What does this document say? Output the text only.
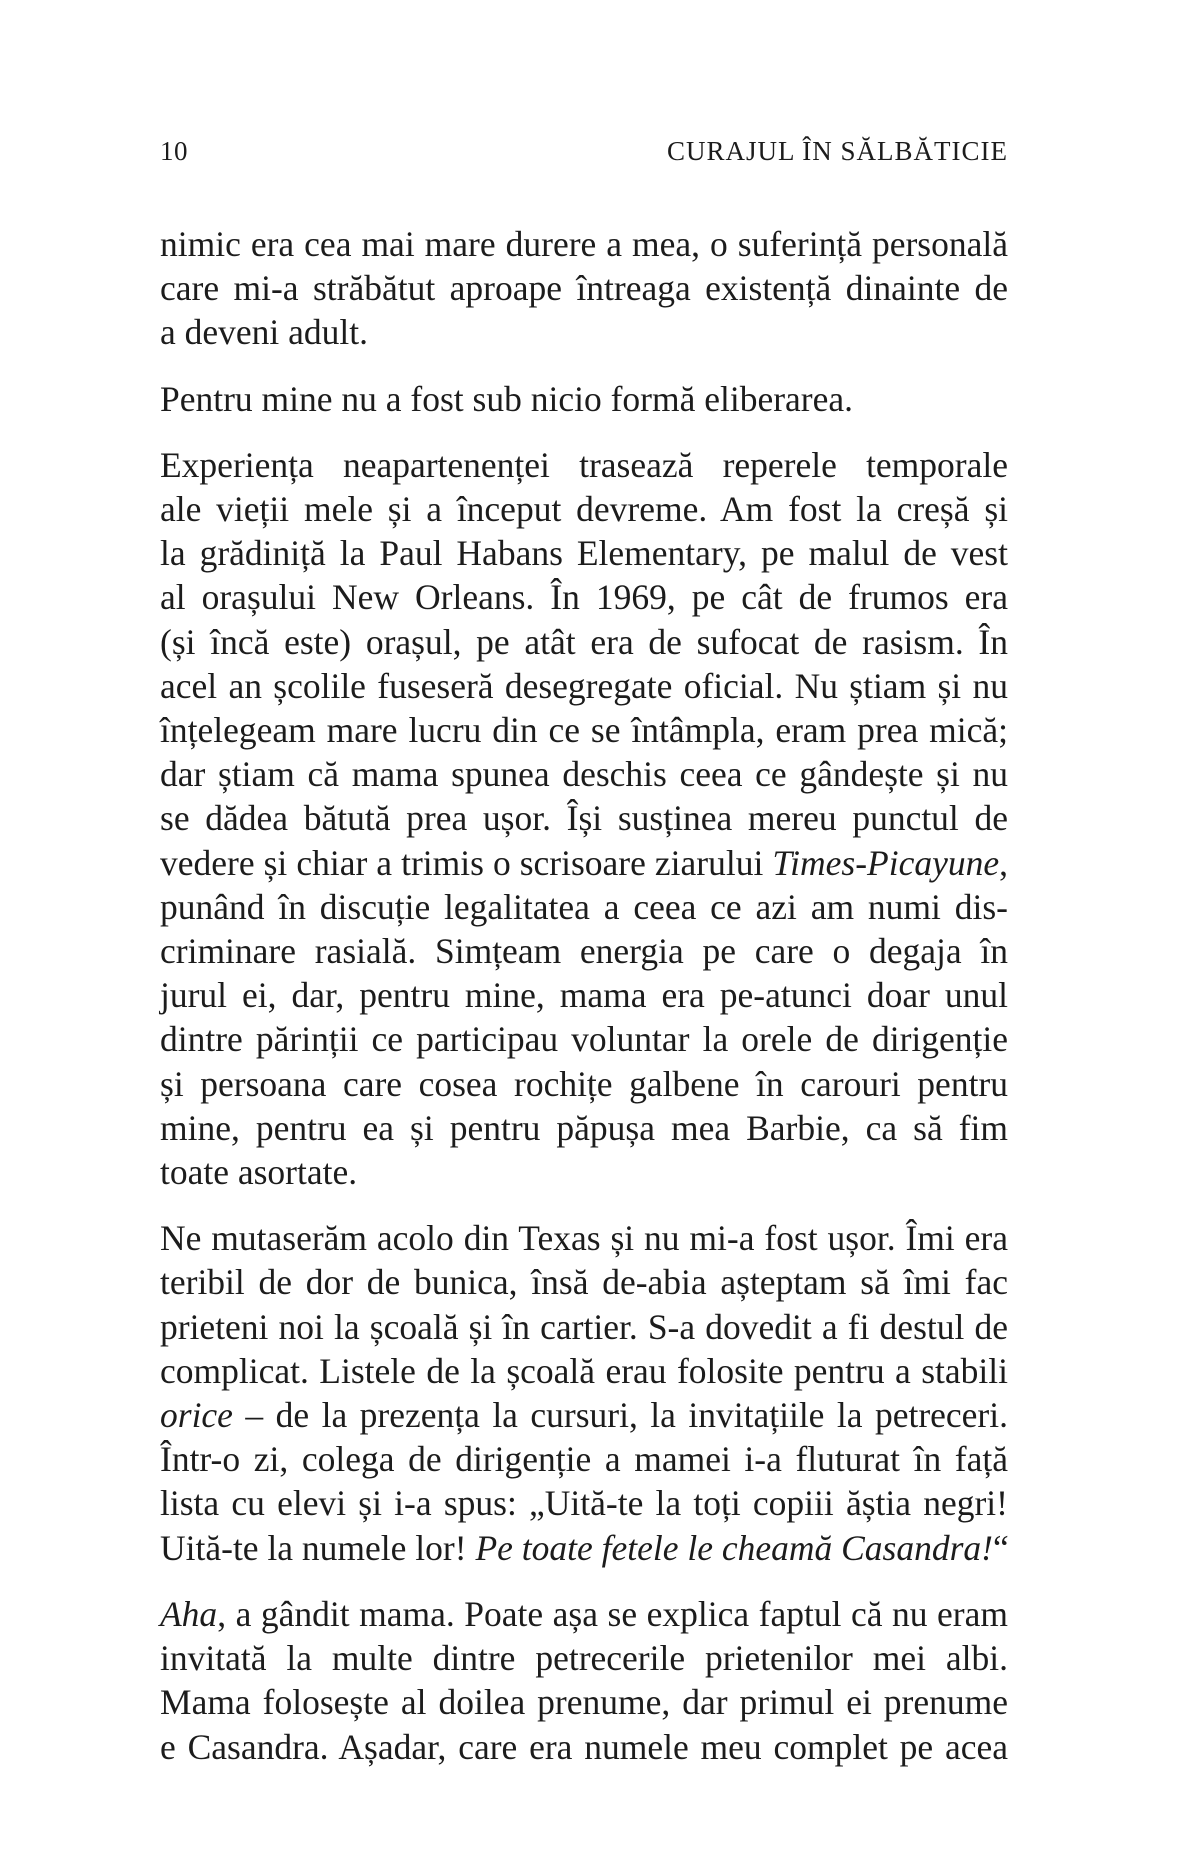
10	CURAJUL ÎN SĂLBĂTICIE

nimic era cea mai mare durere a mea, o suferință personală
care mi-a străbătut aproape întreaga existență dinainte de
a deveni adult.

Pentru mine nu a fost sub nicio formă eliberarea.

Experiența neapartenenței trasează reperele temporale
ale vieții mele și a început devreme. Am fost la creșă și
la grădiniță la Paul Habans Elementary, pe malul de vest
al orașului New Orleans. În 1969, pe cât de frumos era
(și încă este) orașul, pe atât era de sufocat de rasism. În
acel an școlile fuseseră desegregate oficial. Nu știam și nu
înțelegeam mare lucru din ce se întâmpla, eram prea mică;
dar știam că mama spunea deschis ceea ce gândește și nu
se dădea bătută prea ușor. Își susținea mereu punctul de
vedere și chiar a trimis o scrisoare ziarului Times-Picayune,
punând în discuție legalitatea a ceea ce azi am numi dis-
criminare rasială. Simțeam energia pe care o degaja în
jurul ei, dar, pentru mine, mama era pe-atunci doar unul
dintre părinții ce participau voluntar la orele de dirigenție
și persoana care cosea rochițe galbene în carouri pentru
mine, pentru ea și pentru păpușa mea Barbie, ca să fim
toate asortate.

Ne mutaserăm acolo din Texas și nu mi-a fost ușor. Îmi era
teribil de dor de bunica, însă de-abia așteptam să îmi fac
prieteni noi la școală și în cartier. S-a dovedit a fi destul de
complicat. Listele de la școală erau folosite pentru a stabili
orice – de la prezența la cursuri, la invitațiile la petreceri.
Într-o zi, colega de dirigenție a mamei i-a fluturat în față
lista cu elevi și i-a spus: „Uită-te la toți copiii ăștia negri!
Uită-te la numele lor! Pe toate fetele le cheamă Casandra!“

Aha, a gândit mama. Poate așa se explica faptul că nu eram
invitată la multe dintre petrecerile prietenilor mei albi.
Mama folosește al doilea prenume, dar primul ei prenume
e Casandra. Așadar, care era numele meu complet pe acea
